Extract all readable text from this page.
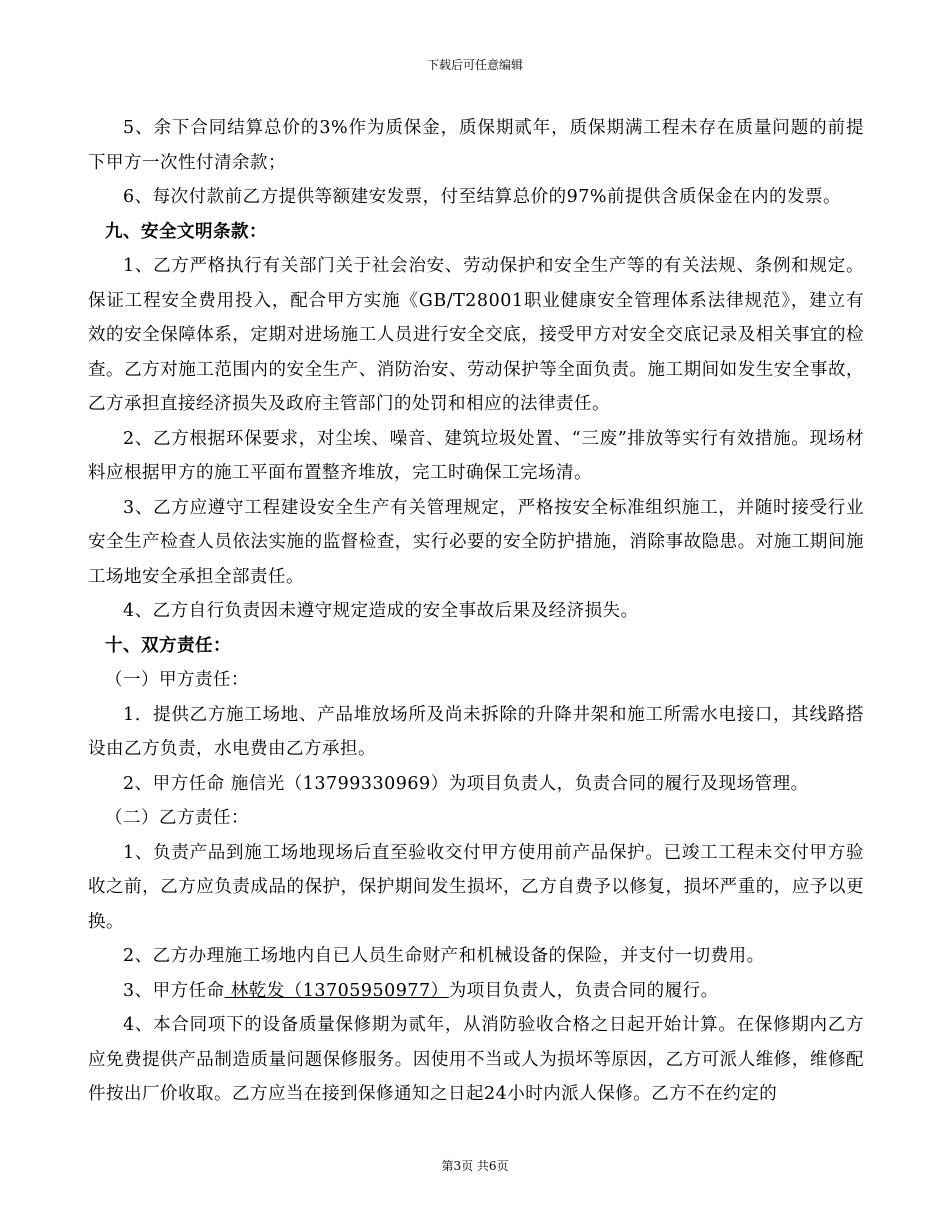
下载后可任意编辑

5、余下合同结算总价的3%作为质保金，质保期贰年，质保期满工程未存在质量问题的前提下甲方一次性付清余款；

6、每次付款前乙方提供等额建安发票，付至结算总价的97%前提供含质保金在内的发票。

九、安全文明条款：

1、乙方严格执行有关部门关于社会治安、劳动保护和安全生产等的有关法规、条例和规定。保证工程安全费用投入，配合甲方实施《GB/T28001职业健康安全管理体系法律规范》，建立有效的安全保障体系，定期对进场施工人员进行安全交底，接受甲方对安全交底记录及相关事宜的检查。乙方对施工范围内的安全生产、消防治安、劳动保护等全面负责。施工期间如发生安全事故，乙方承担直接经济损失及政府主管部门的处罚和相应的法律责任。

2、乙方根据环保要求，对尘埃、噪音、建筑垃圾处置、“三废”排放等实行有效措施。现场材料应根据甲方的施工平面布置整齐堆放，完工时确保工完场清。

3、乙方应遵守工程建设安全生产有关管理规定，严格按安全标准组织施工，并随时接受行业安全生产检查人员依法实施的监督检查，实行必要的安全防护措施，消除事故隐患。对施工期间施工场地安全承担全部责任。

4、乙方自行负责因未遵守规定造成的安全事故后果及经济损失。

十、双方责任：

（一）甲方责任：

1．提供乙方施工场地、产品堆放场所及尚未拆除的升降井架和施工所需水电接口，其线路搭设由乙方负责，水电费由乙方承担。

2、甲方任命 施信光（13799330969）为项目负责人，负责合同的履行及现场管理。

（二）乙方责任：

1、负责产品到施工场地现场后直至验收交付甲方使用前产品保护。已竣工工程未交付甲方验收之前，乙方应负责成品的保护，保护期间发生损坏，乙方自费予以修复，损坏严重的，应予以更换。

2、乙方办理施工场地内自已人员生命财产和机械设备的保险，并支付一切费用。

3、甲方任命 林乾发（13705950977）为项目负责人，负责合同的履行。

4、本合同项下的设备质量保修期为贰年，从消防验收合格之日起开始计算。在保修期内乙方应免费提供产品制造质量问题保修服务。因使用不当或人为损坏等原因，乙方可派人维修，维修配件按出厂价收取。乙方应当在接到保修通知之日起24小时内派人保修。乙方不在约定的

第3页 共6页
